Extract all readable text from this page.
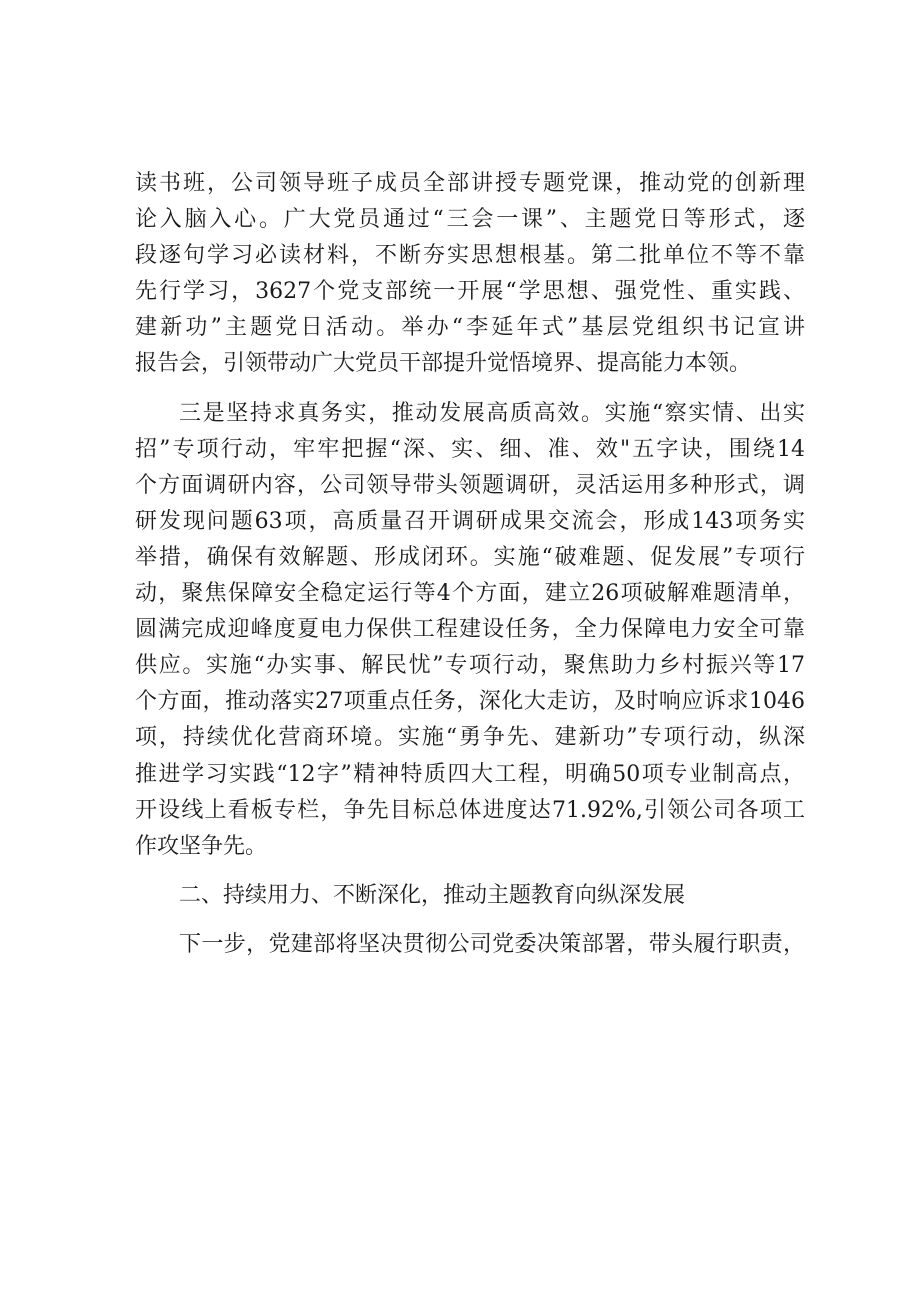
读书班，公司领导班子成员全部讲授专题党课，推动党的创新理
论入脑入心。广大党员通过“三会一课”、主题党日等形式，逐
段逐句学习必读材料，不断夯实思想根基。第二批单位不等不靠
先行学习，3627个党支部统一开展“学思想、强党性、重实践、
建新功”主题党日活动。举办“李延年式”基层党组织书记宣讲
报告会，引领带动广大党员干部提升觉悟境界、提高能力本领。
三是坚持求真务实，推动发展高质高效。实施“察实情、出实
招”专项行动，牢牢把握“深、实、细、准、效"五字诀，围绕14
个方面调研内容，公司领导带头领题调研，灵活运用多种形式，调
研发现问题63项，高质量召开调研成果交流会，形成143项务实
举措，确保有效解题、形成闭环。实施“破难题、促发展”专项行
动，聚焦保障安全稳定运行等4个方面，建立26项破解难题清单，
圆满完成迎峰度夏电力保供工程建设任务，全力保障电力安全可靠
供应。实施“办实事、解民忧”专项行动，聚焦助力乡村振兴等17
个方面，推动落实27项重点任务，深化大走访，及时响应诉求1046
项，持续优化营商环境。实施“勇争先、建新功”专项行动，纵深
推进学习实践“12字”精神特质四大工程，明确50项专业制高点，
开设线上看板专栏，争先目标总体进度达71.92%,引领公司各项工
作攻坚争先。
二、持续用力、不断深化，推动主题教育向纵深发展
下一步，党建部将坚决贯彻公司党委决策部署，带头履行职责，
